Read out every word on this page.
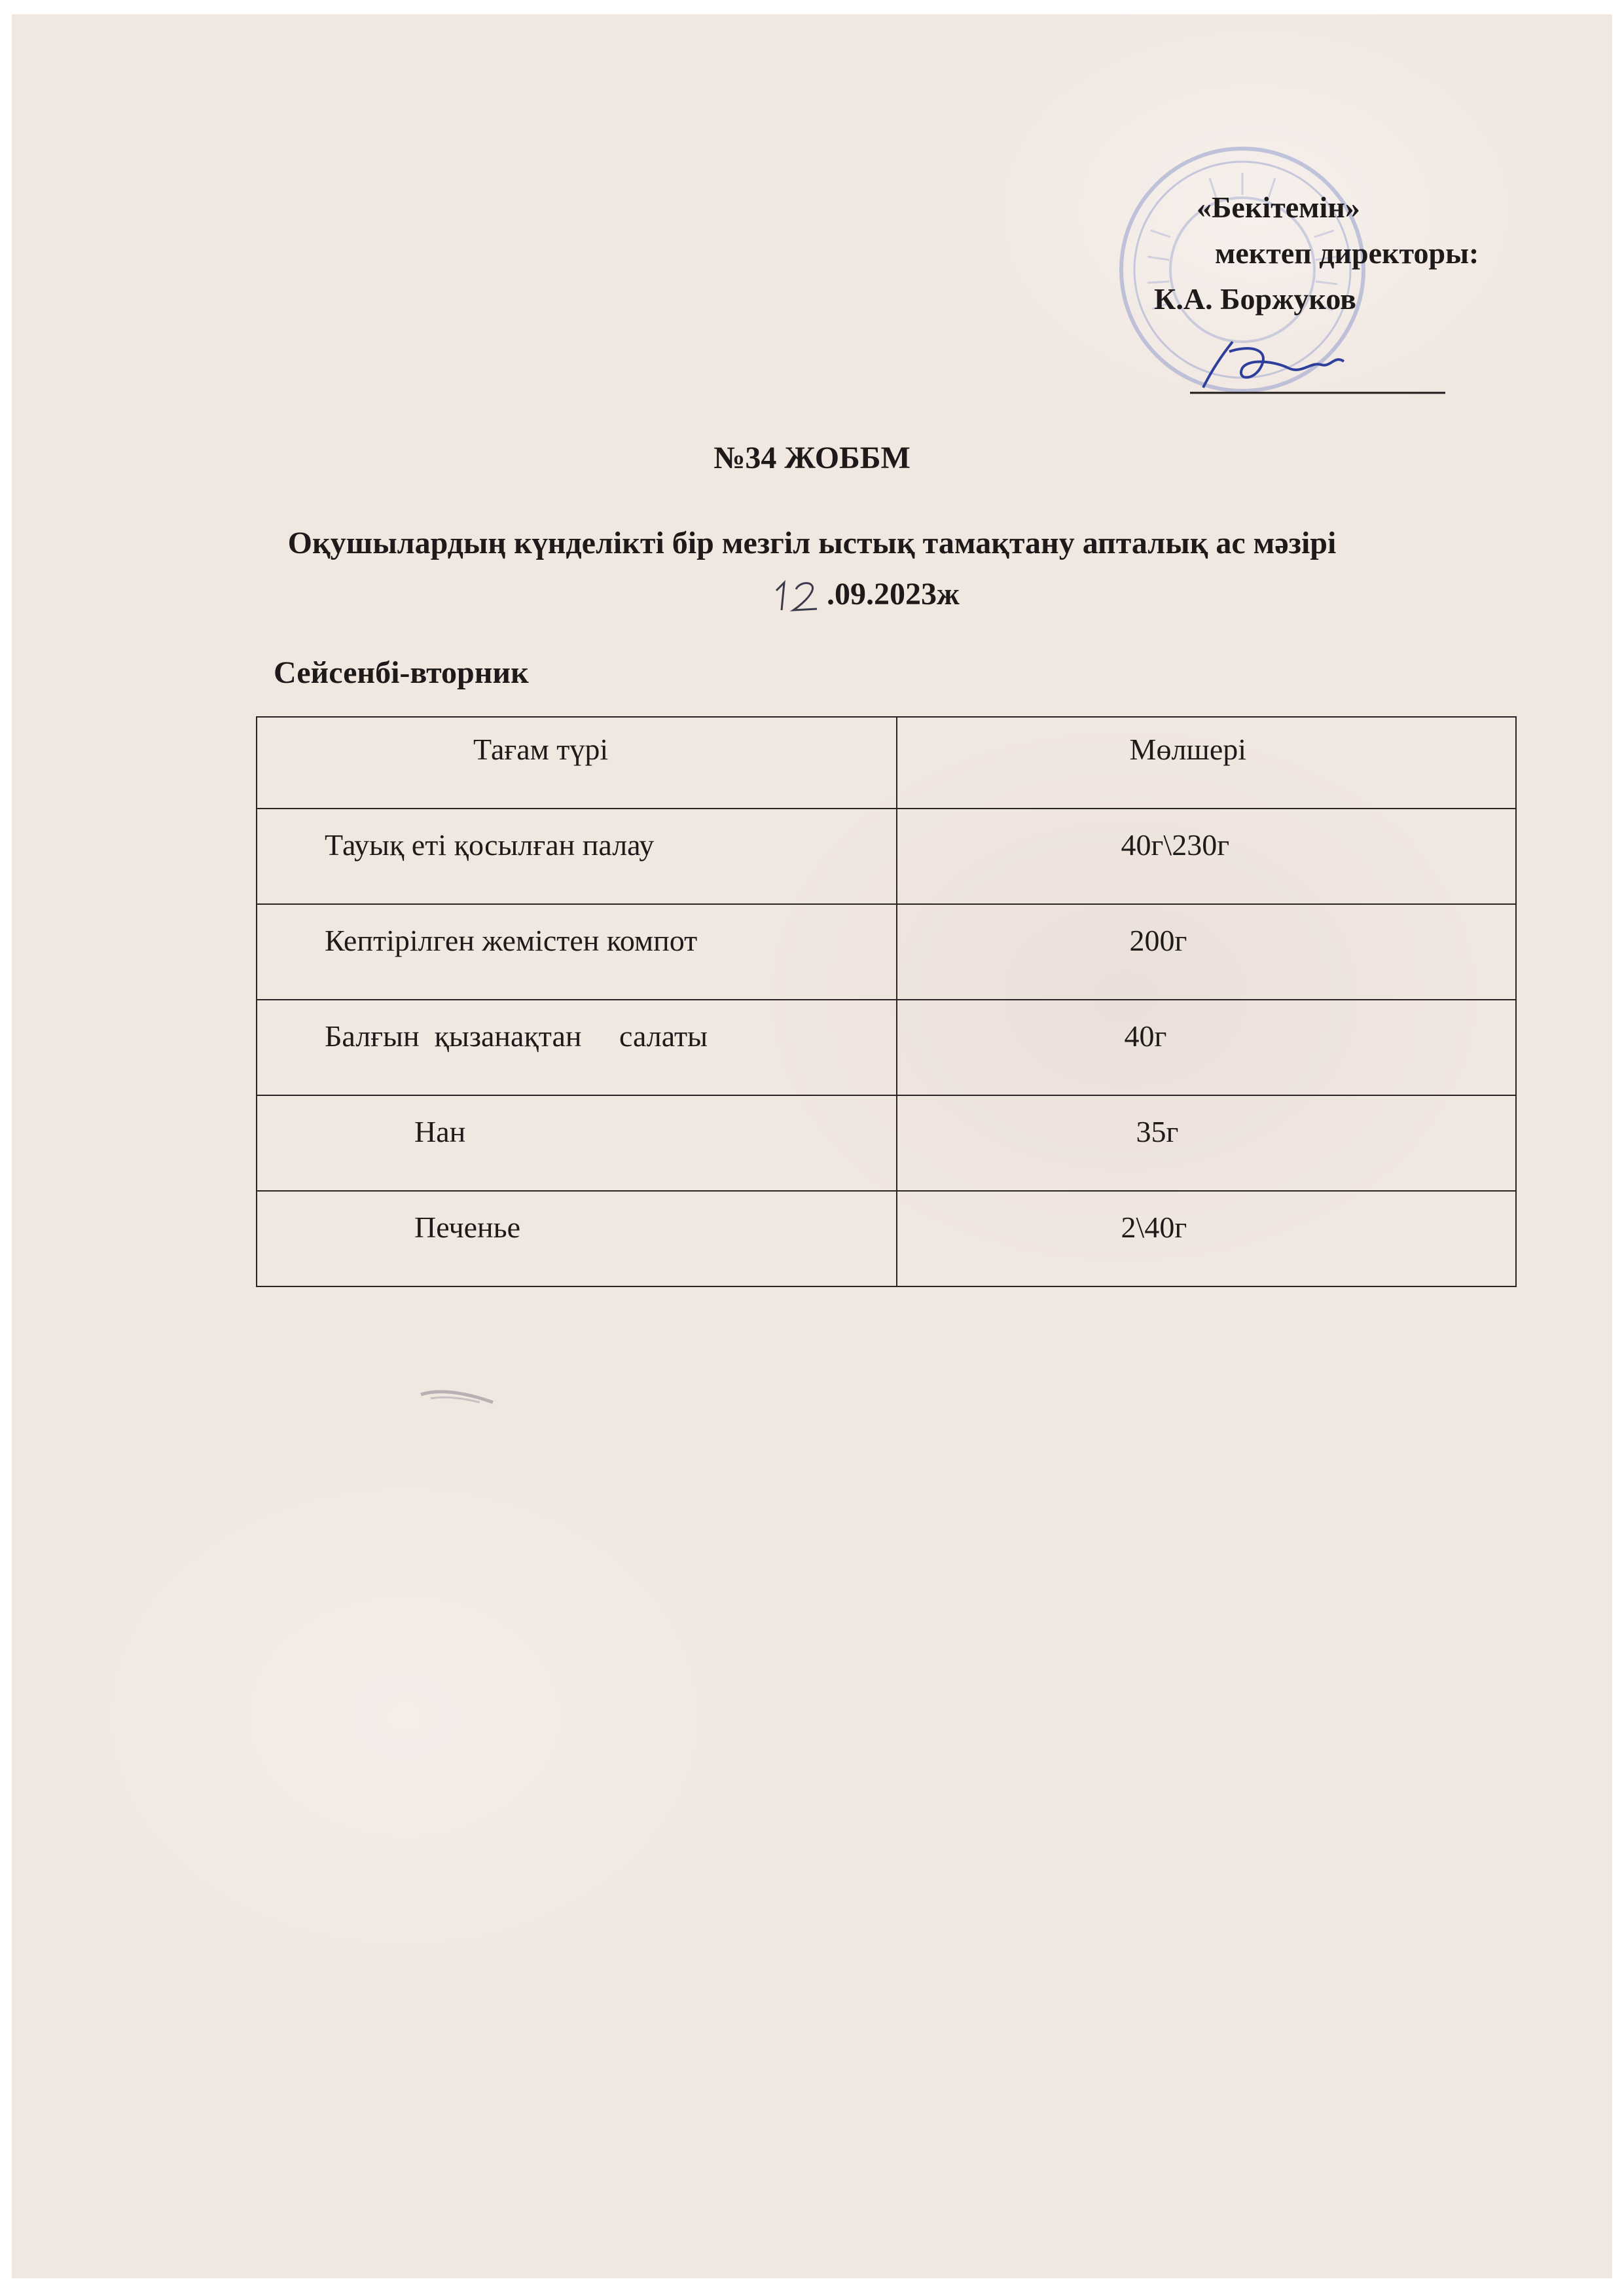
«Бекітемін»
мектеп директоры:
К.А. Боржуков
№34 ЖОББМ
Оқушылардың күнделікті бір мезгіл ыстық тамақтану апталық ас мәзірі
.09.2023ж
Сейсенбі-вторник
Тағам түрі	Мөлшері
Тауық еті қосылған палау	40г\230г
Кептірілген жемістен компот	200г
Балғын  қызанақтан     салаты	40г
Нан	35г
Печенье	2\40г
